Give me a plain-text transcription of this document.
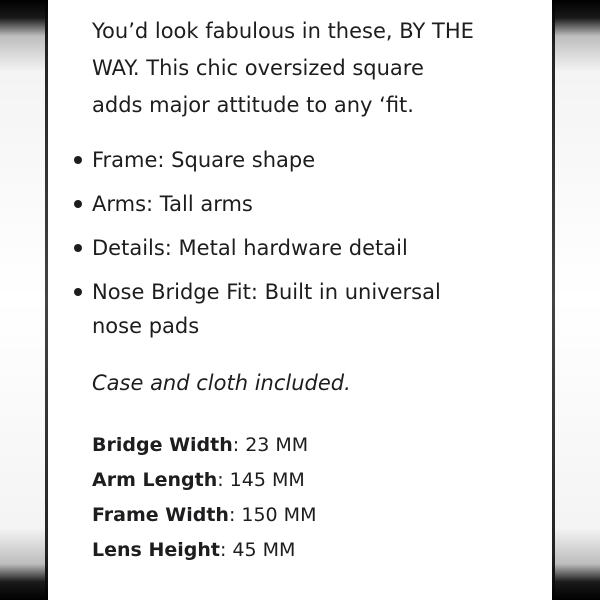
You’d look fabulous in these, BY THE
WAY. This chic oversized square
adds major attitude to any ‘fit.

Frame: Square shape
Arms: Tall arms
Details: Metal hardware detail
Nose Bridge Fit: Built in universal
nose pads

Case and cloth included.

Bridge Width: 23 MM
Arm Length: 145 MM
Frame Width: 150 MM
Lens Height: 45 MM
